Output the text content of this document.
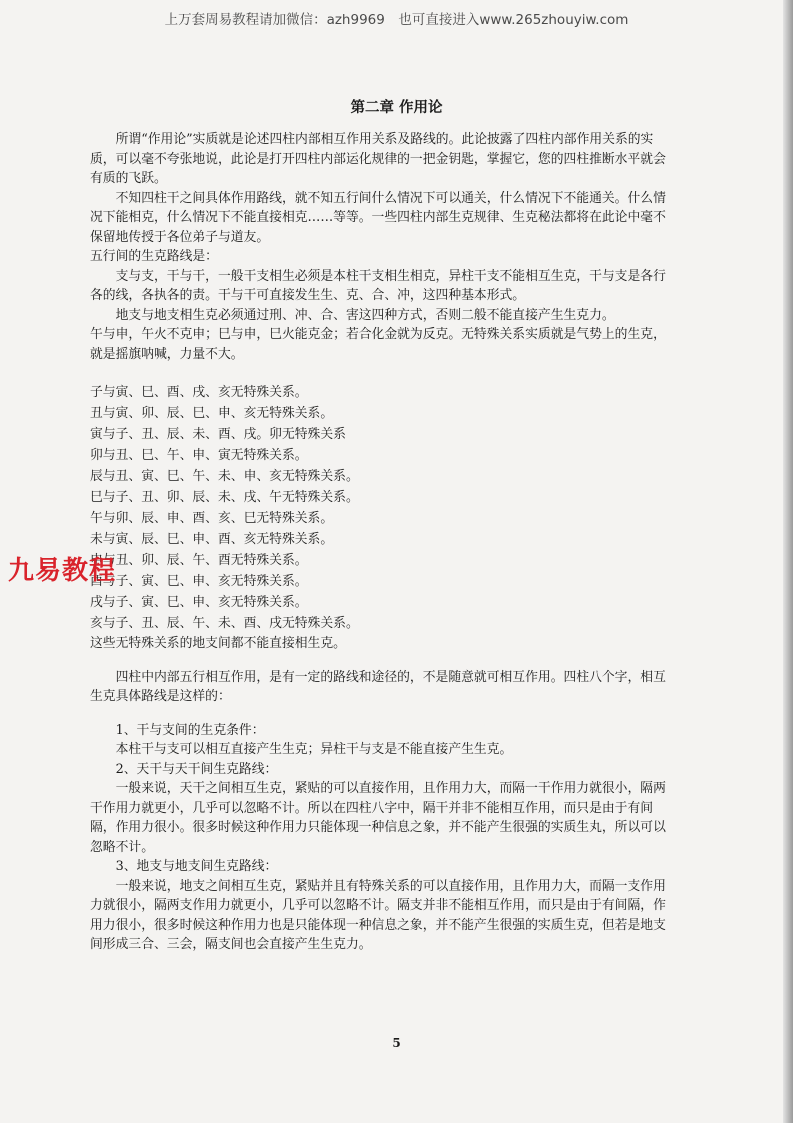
上万套周易教程请加微信：azh9969　也可直接进入www.265zhouyiw.com
第二章 作用论

所谓“作用论”实质就是论述四柱内部相互作用关系及路线的。此论披露了四柱内部作用关系的实质，可以毫不夸张地说，此论是打开四柱内部运化规律的一把金钥匙，掌握它，您的四柱推断水平就会有质的飞跃。

不知四柱干之间具体作用路线，就不知五行间什么情况下可以通关，什么情况下不能通关。什么情况下能相克，什么情况下不能直接相克……等等。一些四柱内部生克规律、生克秘法都将在此论中毫不保留地传授于各位弟子与道友。

五行间的生克路线是：

支与支，干与干，一般干支相生必须是本柱干支相生相克，异柱干支不能相互生克，干与支是各行各的线，各执各的责。干与干可直接发生生、克、合、冲，这四种基本形式。

地支与地支相生克必须通过刑、冲、合、害这四种方式，否则二般不能直接产生生克力。

午与申，午火不克申；巳与申，巳火能克金；若合化金就为反克。无特殊关系实质就是气势上的生克，就是摇旗呐喊，力量不大。

子与寅、巳、酉、戌、亥无特殊关系。
丑与寅、卯、辰、巳、申、亥无特殊关系。
寅与子、丑、辰、未、酉、戌。卯无特殊关系
卯与丑、巳、午、申、寅无特殊关系。
辰与丑、寅、巳、午、未、申、亥无特殊关系。
巳与子、丑、卯、辰、未、戌、午无特殊关系。
午与卯、辰、申、酉、亥、巳无特殊关系。
未与寅、辰、巳、申、酉、亥无特殊关系。
申与丑、卯、辰、午、酉无特殊关系。
酉与子、寅、巳、申、亥无特殊关系。
戌与子、寅、巳、申、亥无特殊关系。
亥与子、丑、辰、午、未、酉、戌无特殊关系。

这些无特殊关系的地支间都不能直接相生克。

四柱中内部五行相互作用，是有一定的路线和途径的，不是随意就可相互作用。四柱八个字，相互生克具体路线是这样的：

1、干与支间的生克条件：

本柱干与支可以相互直接产生生克；异柱干与支是不能直接产生生克。

2、天干与天干间生克路线：

一般来说，天干之间相互生克，紧贴的可以直接作用，且作用力大，而隔一干作用力就很小，隔两干作用力就更小，几乎可以忽略不计。所以在四柱八字中，隔干并非不能相互作用，而只是由于有间隔，作用力很小。很多时候这种作用力只能体现一种信息之象，并不能产生很强的实质生丸，所以可以忽略不计。

3、地支与地支间生克路线：

一般来说，地支之间相互生克，紧贴并且有特殊关系的可以直接作用，且作用力大，而隔一支作用力就很小，隔两支作用力就更小，几乎可以忽略不计。隔支并非不能相互作用，而只是由于有间隔，作用力很小，很多时候这种作用力也是只能体现一种信息之象，并不能产生很强的实质生克，但若是地支间形成三合、三会，隔支间也会直接产生生克力。

九易教程
5
